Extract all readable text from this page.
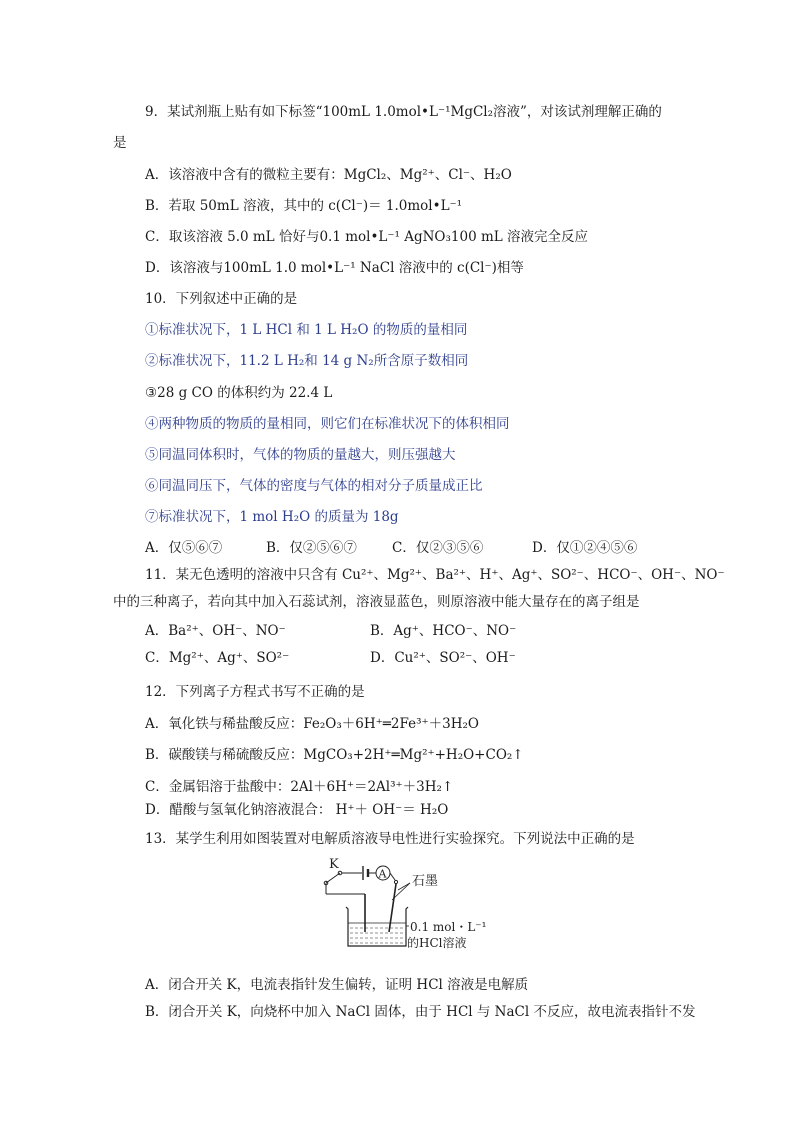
9．某试剂瓶上贴有如下标签“100mL 1.0mol•L⁻¹MgCl₂溶液”，对该试剂理解正确的
是
A．该溶液中含有的微粒主要有：MgCl₂、Mg²⁺、Cl⁻、H₂O
B．若取 50mL 溶液，其中的 c(Cl⁻)＝ 1.0mol•L⁻¹
C．取该溶液 5.0 mL 恰好与0.1 mol•L⁻¹ AgNO₃100 mL 溶液完全反应
D．该溶液与100mL 1.0 mol•L⁻¹ NaCl 溶液中的 c(Cl⁻)相等
10．下列叙述中正确的是
①标准状况下，1 L HCl 和 1 L H₂O 的物质的量相同
②标准状况下，11.2 L H₂和 14 g N₂所含原子数相同
③28 g CO 的体积约为 22.4 L
④两种物质的物质的量相同，则它们在标准状况下的体积相同
⑤同温同体积时，气体的物质的量越大，则压强越大
⑥同温同压下，气体的密度与气体的相对分子质量成正比
⑦标准状况下，1 mol H₂O 的质量为 18g
A．仅⑤⑥⑦	B．仅②⑤⑥⑦	C．仅②③⑤⑥	D．仅①②④⑤⑥
11．某无色透明的溶液中只含有 Cu²⁺、Mg²⁺、Ba²⁺、H⁺、Ag⁺、SO²⁻、HCO⁻、OH⁻、NO⁻
中的三种离子，若向其中加入石蕊试剂，溶液显蓝色，则原溶液中能大量存在的离子组是
A．Ba²⁺、OH⁻、NO⁻	B．Ag⁺、HCO⁻、NO⁻
C．Mg²⁺、Ag⁺、SO²⁻	D．Cu²⁺、SO²⁻、OH⁻
12．下列离子方程式书写不正确的是
A．氧化铁与稀盐酸反应：Fe₂O₃＋6H⁺═2Fe³⁺＋3H₂O
B．碳酸镁与稀硫酸反应：MgCO₃+2H⁺═Mg²⁺+H₂O+CO₂↑
C．金属铝溶于盐酸中：2Al＋6H⁺＝2Al³⁺＋3H₂↑
D．醋酸与氢氧化钠溶液混合： H⁺＋ OH⁻＝ H₂O
13．某学生利用如图装置对电解质溶液导电性进行实验探究。下列说法中正确的是
K
A 石墨
0.1 mol・L⁻¹
的HCl溶液
A．闭合开关 K，电流表指针发生偏转，证明 HCl 溶液是电解质
B．闭合开关 K，向烧杯中加入 NaCl 固体，由于 HCl 与 NaCl 不反应，故电流表指针不发
